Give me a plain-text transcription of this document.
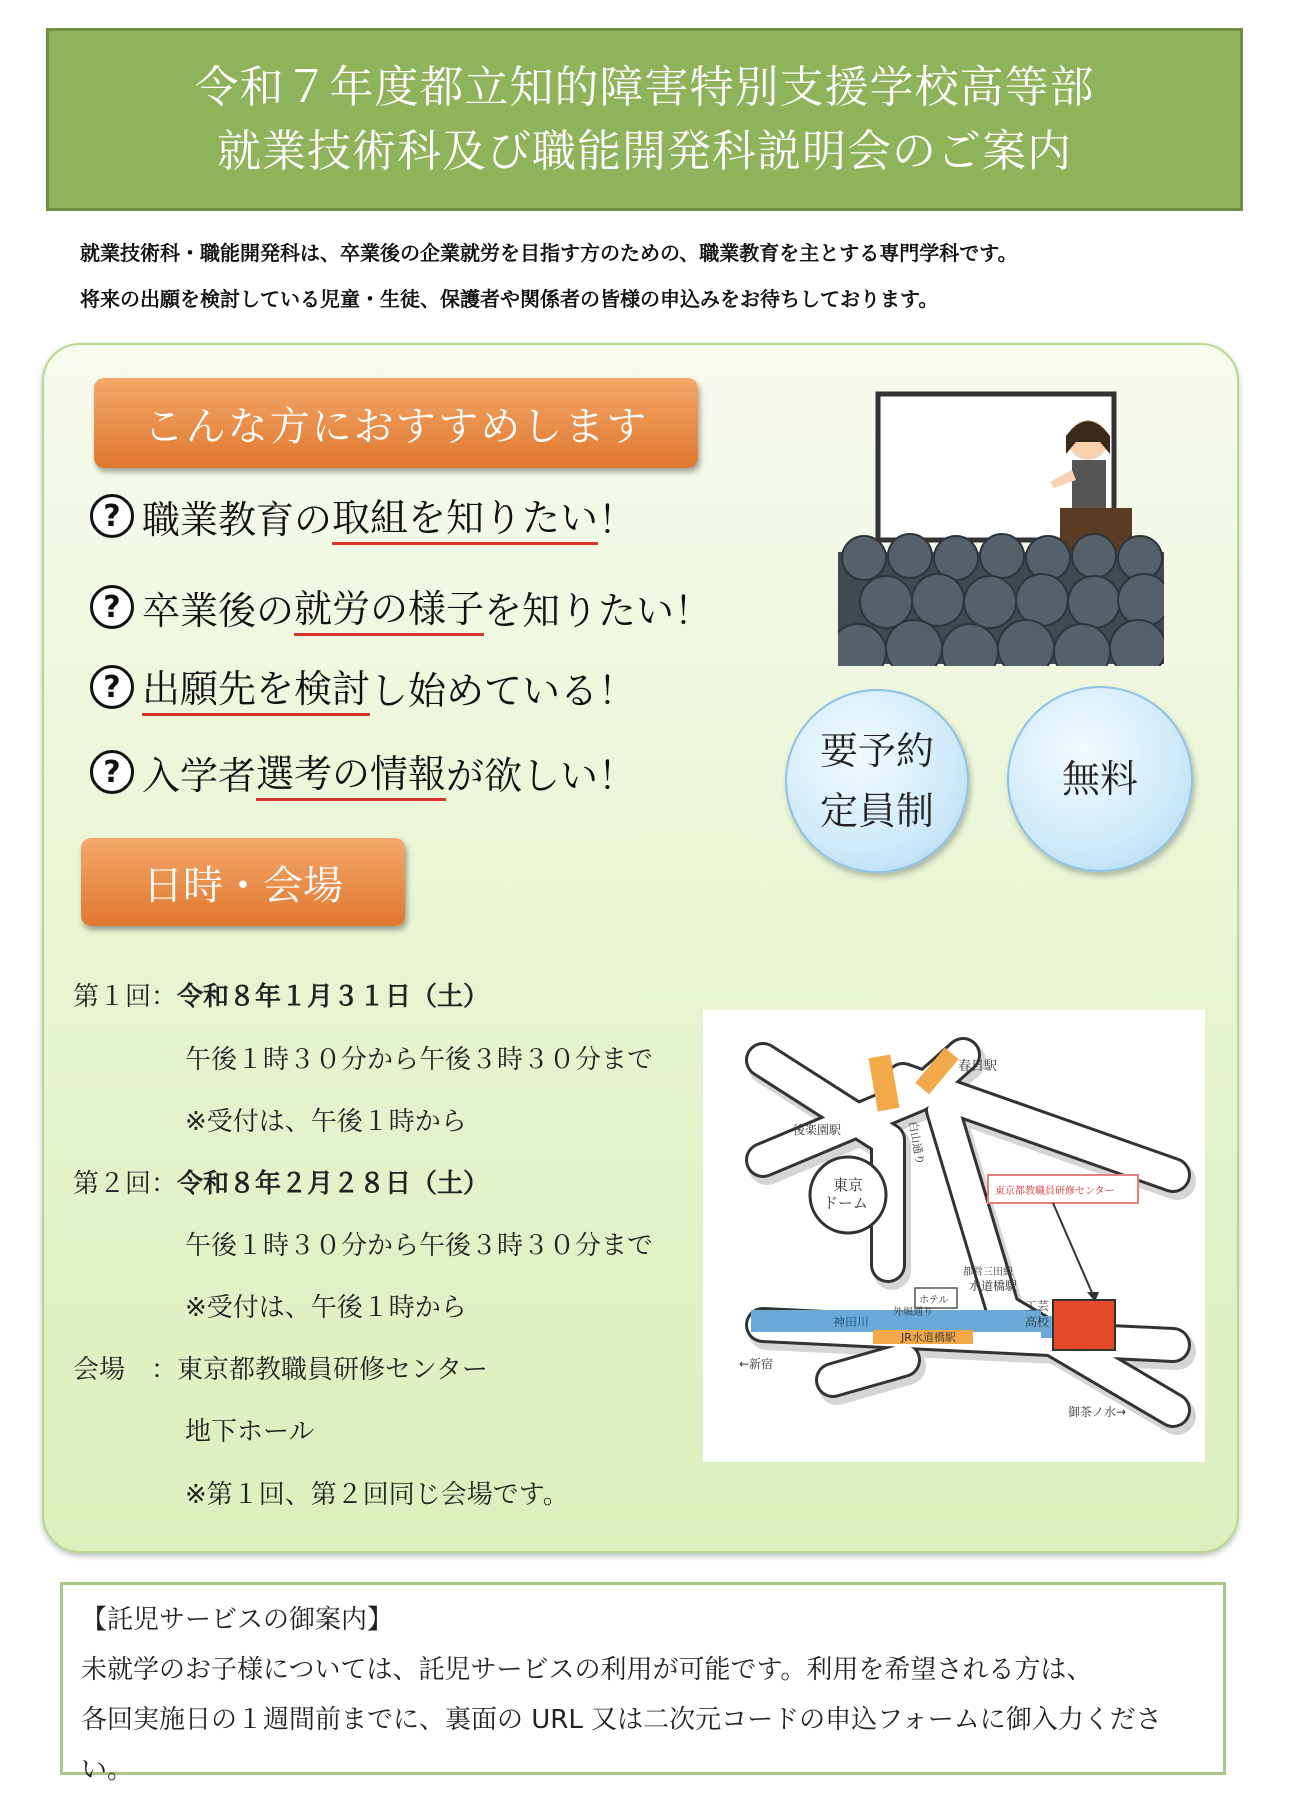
令和７年度都立知的障害特別支援学校高等部
就業技術科及び職能開発科説明会のご案内
就業技術科・職能開発科は、卒業後の企業就労を目指す方のための、職業教育を主とする専門学科です。
将来の出願を検討している児童・生徒、保護者や関係者の皆様の申込みをお待ちしております。
こんな方におすすめします
? 職業教育の 取組を知りたい ！
? 卒業後の 就労の様子 を知りたい！
? 出願先を検討 し始めている！
? 入学者 選考の情報 が欲しい！
要予約
定員制
無料
日時・会場
第１回：令和８年１月３１日（土）
午後１時３０分から午後３時３０分まで
※受付は、午後１時から
第２回：令和８年２月２８日（土）
午後１時３０分から午後３時３０分まで
※受付は、午後１時から
会場　：東京都教職員研修センター
地下ホール
※第１回、第２回同じ会場です。
春日駅
後楽園駅	白山通り
東京
ドーム
東京都教職員研修センター
都営三田線
水道橋駅
ホテル	工芸
高校
外堀通り
神田川
JR水道橋駅
←新宿
御茶ノ水→
【託児サービスの御案内】
未就学のお子様については、託児サービスの利用が可能です。利用を希望される方は、
各回実施日の１週間前までに、裏面の URL 又は二次元コードの申込フォームに御入力ください。
